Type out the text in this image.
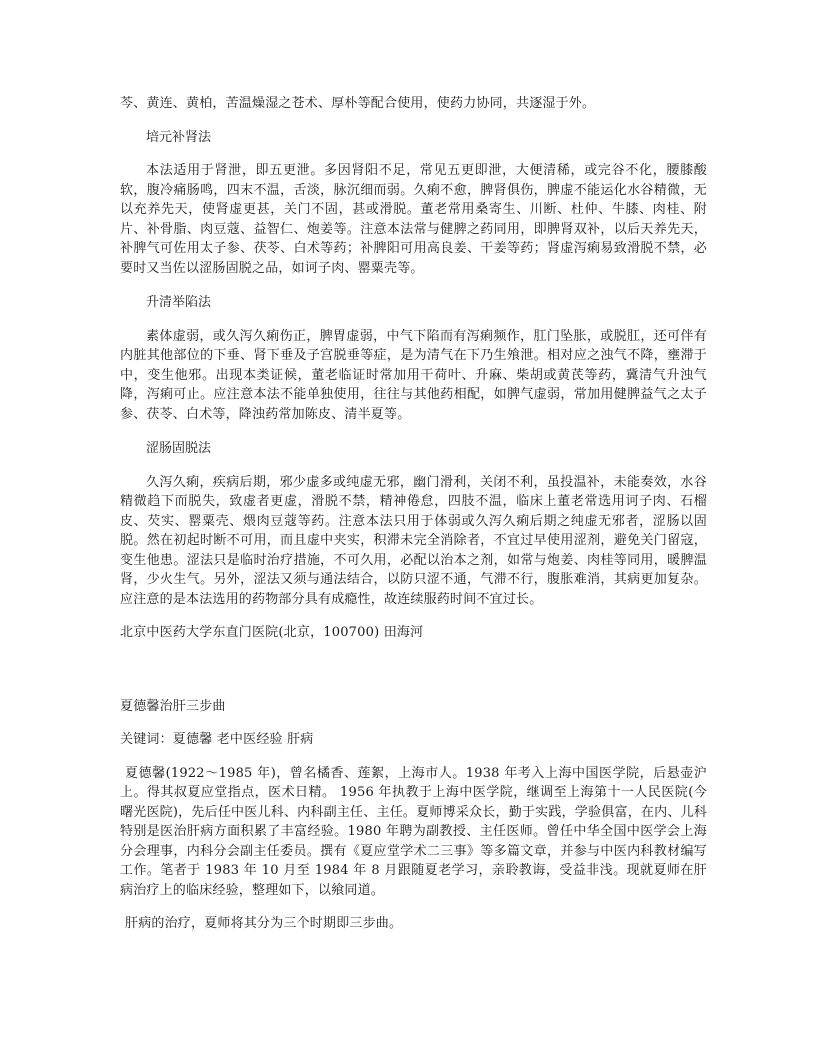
芩、黄连、黄柏，苦温燥湿之苍术、厚朴等配合使用，使药力协同，共逐湿于外。

培元补肾法

本法适用于肾泄，即五更泄。多因肾阳不足，常见五更即泄，大便清稀，或完谷不化，腰膝酸软，腹冷痛肠鸣，四末不温，舌淡，脉沉细而弱。久痢不愈，脾肾俱伤，脾虚不能运化水谷精微，无以充养先天，使肾虚更甚，关门不固，甚或滑脱。董老常用桑寄生、川断、杜仲、牛膝、肉桂、附片、补骨脂、肉豆蔻、益智仁、炮姜等。注意本法常与健脾之药同用，即脾肾双补，以后天养先天，补脾气可佐用太子参、茯苓、白术等药；补脾阳可用高良姜、干姜等药；肾虚泻痢易致滑脱不禁，必要时又当佐以涩肠固脱之品，如诃子肉、罂粟壳等。

升清举陷法

素体虚弱，或久泻久痢伤正，脾胃虚弱，中气下陷而有泻痢频作，肛门坠胀，或脱肛，还可伴有内脏其他部位的下垂、肾下垂及子宫脱垂等症，是为清气在下乃生飧泄。相对应之浊气不降，壅滞于中，变生他邪。出现本类证候，董老临证时常加用干荷叶、升麻、柴胡或黄芪等药，冀清气升浊气降，泻痢可止。应注意本法不能单独使用，往往与其他药相配，如脾气虚弱，常加用健脾益气之太子参、茯苓、白术等，降浊药常加陈皮、清半夏等。

涩肠固脱法

久泻久痢，疾病后期，邪少虚多或纯虚无邪，幽门滑利，关闭不利，虽投温补，未能奏效，水谷精微趋下而脱失，致虚者更虚，滑脱不禁，精神倦怠，四肢不温，临床上董老常选用诃子肉、石榴皮、芡实、罂粟壳、煨肉豆蔻等药。注意本法只用于体弱或久泻久痢后期之纯虚无邪者，涩肠以固脱。然在初起时断不可用，而且虚中夹实，积滞未完全消除者，不宜过早使用涩剂，避免关门留寇，变生他患。涩法只是临时治疗措施，不可久用，必配以治本之剂，如常与炮姜、肉桂等同用，暖脾温肾，少火生气。另外，涩法又须与通法结合，以防只涩不通，气滞不行，腹胀难消，其病更加复杂。应注意的是本法选用的药物部分具有成瘾性，故连续服药时间不宜过长。

北京中医药大学东直门医院(北京，100700) 田海河

夏德馨治肝三步曲

关键词：夏德馨 老中医经验 肝病

夏德馨(1922～1985 年)，曾名橘香、莲絮，上海市人。1938 年考入上海中国医学院，后悬壶沪上。得其叔夏应堂指点，医术日精。 1956 年执教于上海中医学院，继调至上海第十一人民医院(今曙光医院)，先后任中医儿科、内科副主任、主任。夏师博采众长，勤于实践，学验俱富，在内、儿科特别是医治肝病方面积累了丰富经验。1980 年聘为副教授、主任医师。曾任中华全国中医学会上海分会理事，内科分会副主任委员。撰有《夏应堂学术二三事》等多篇文章，并参与中医内科教材编写工作。笔者于 1983 年 10 月至 1984 年 8 月跟随夏老学习，亲聆教诲，受益非浅。现就夏师在肝病治疗上的临床经验，整理如下，以飨同道。

肝病的治疗，夏师将其分为三个时期即三步曲。
